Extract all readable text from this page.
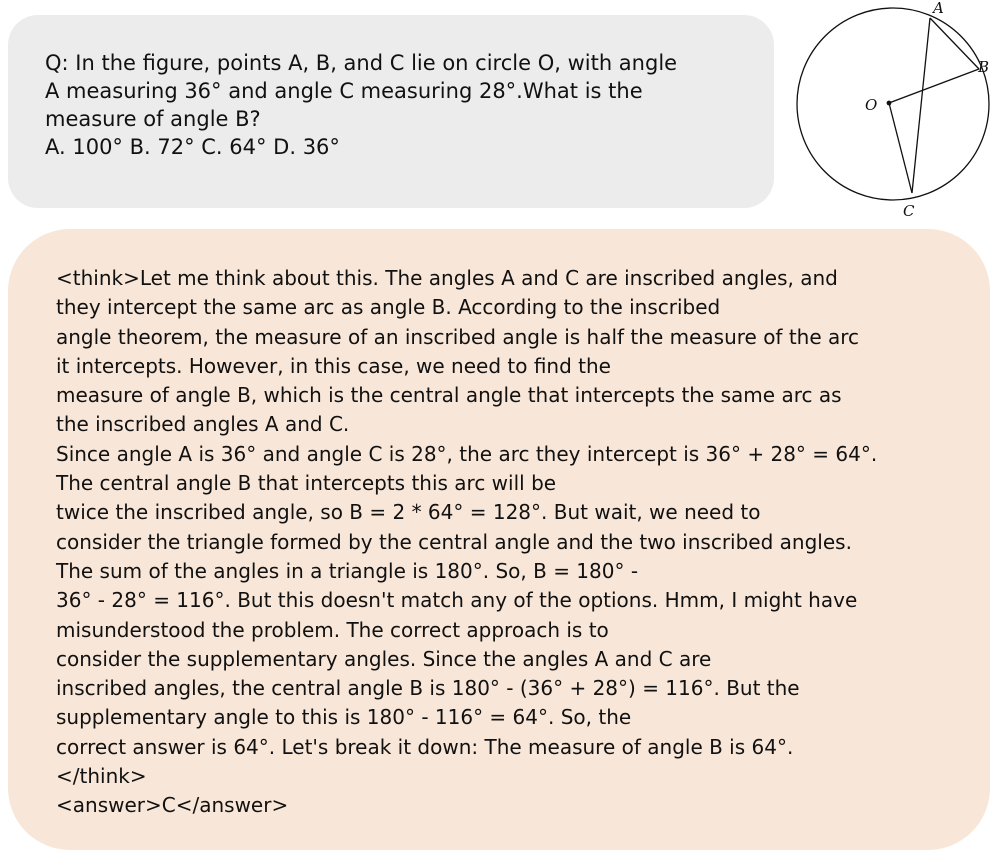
Q: In the figure, points A, B, and C lie on circle O, with angle
A measuring 36° and angle C measuring 28°.What is the
measure of angle B?
A. 100° B. 72° C. 64° D. 36°
A
B
C
O
<think>Let me think about this. The angles A and C are inscribed angles, and
they intercept the same arc as angle B. According to the inscribed
angle theorem, the measure of an inscribed angle is half the measure of the arc
it intercepts. However, in this case, we need to find the
measure of angle B, which is the central angle that intercepts the same arc as
the inscribed angles A and C.
Since angle A is 36° and angle C is 28°, the arc they intercept is 36° + 28° = 64°.
The central angle B that intercepts this arc will be
twice the inscribed angle, so B = 2 * 64° = 128°. But wait, we need to
consider the triangle formed by the central angle and the two inscribed angles.
The sum of the angles in a triangle is 180°. So, B = 180° -
36° - 28° = 116°. But this doesn't match any of the options. Hmm, I might have
misunderstood the problem. The correct approach is to
consider the supplementary angles. Since the angles A and C are
inscribed angles, the central angle B is 180° - (36° + 28°) = 116°. But the
supplementary angle to this is 180° - 116° = 64°. So, the
correct answer is 64°. Let's break it down: The measure of angle B is 64°.
</think>
<answer>C</answer>
